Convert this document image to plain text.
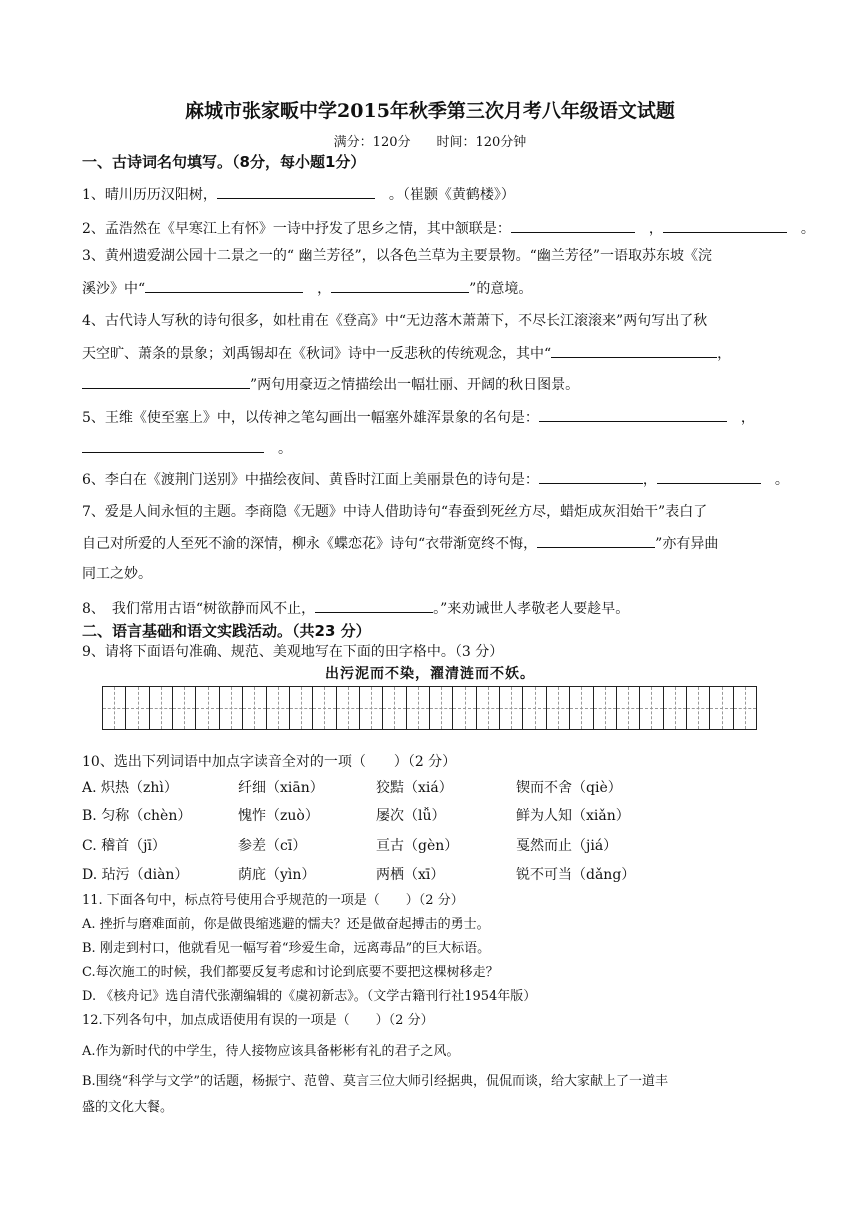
麻城市张家畈中学2015年秋季第三次月考八年级语文试题
满分：120分　　时间：120分钟
一、古诗词名句填写。（8分，每小题1分）
1、晴川历历汉阳树，　	。（崔颢《黄鹤楼》）
2、孟浩然在《早寒江上有怀》一诗中抒发了思乡之情，其中颔联是：　	，　	。
3、黄州遗爱湖公园十二景之一的“ 幽兰芳径”，以各色兰草为主要景物。“幽兰芳径”一语取苏东坡《浣
溪沙》中“　	，	”的意境。
4、古代诗人写秋的诗句很多，如杜甫在《登高》中“无边落木萧萧下，不尽长江滚滚来”两句写出了秋
天空旷、萧条的景象；刘禹锡却在《秋词》诗中一反悲秋的传统观念，其中“	，
”两句用豪迈之情描绘出一幅壮丽、开阔的秋日图景。
5、王维《使至塞上》中，以传神之笔勾画出一幅塞外雄浑景象的名句是：　	，
　。
6、李白在《渡荆门送别》中描绘夜间、黄昏时江面上美丽景色的诗句是：	，　	。
7、爱是人间永恒的主题。李商隐《无题》中诗人借助诗句“春蚕到死丝方尽，蜡炬成灰泪始干”表白了
自己对所爱的人至死不渝的深情，柳永《蝶恋花》诗句“衣带渐宽终不悔，	”亦有异曲
同工之妙。
8、　我们常用古语“树欲静而风不止，	。”来劝诫世人孝敬老人要趁早。
二、语言基础和语文实践活动。（共23 分）
9、请将下面语句准确、规范、美观地写在下面的田字格中。（3 分）
出污泥而不染，濯清涟而不妖。
10、选出下列词语中加点字读音全对的一项（　　）（2 分）
A. 炽热（zhì）	纤细（xiān）	狡黠（xiá）	锲而不舍（qiè）
B. 匀称（chèn）	愧怍（zuò）	屡次（lǚ）	鲜为人知（xiǎn）
C. 稽首（jī）	参差（cī）	亘古（gèn）	戛然而止（jiá）
D. 玷污（diàn）	荫庇（yìn）	两栖（xī）	锐不可当（dǎng）
11. 下面各句中，标点符号使用合乎规范的一项是（　　）（2 分）
A. 挫折与磨难面前，你是做畏缩逃避的懦夫？还是做奋起搏击的勇士。
B. 刚走到村口，他就看见一幅写着“珍爱生命，远离毒品”的巨大标语。
C.每次施工的时候，我们都要反复考虑和讨论到底要不要把这棵树移走？
D. 《核舟记》选自清代张潮编辑的《虞初新志》。（文学古籍刊行社1954年版）
12.下列各句中，加点成语使用有误的一项是（　　）（2 分）
A.作为新时代的中学生，待人接物应该具备彬彬有礼的君子之风。
B.围绕“科学与文学”的话题，杨振宁、范曾、莫言三位大师引经据典，侃侃而谈，给大家献上了一道丰
盛的文化大餐。
